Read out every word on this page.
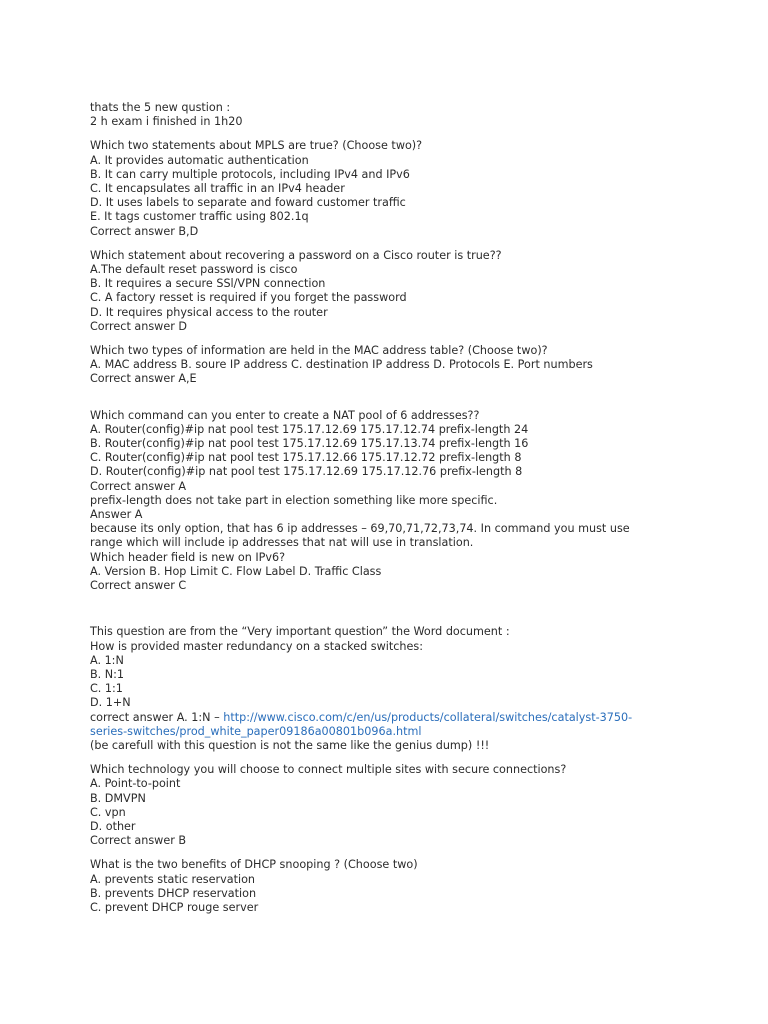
thats the 5 new qustion :
2 h exam i finished in 1h20
Which two statements about MPLS are true? (Choose two)?
A. It provides automatic authentication
B. It can carry multiple protocols, including IPv4 and IPv6
C. It encapsulates all traffic in an IPv4 header
D. It uses labels to separate and foward customer traffic
E. It tags customer traffic using 802.1q
Correct answer B,D
Which statement about recovering a password on a Cisco router is true??
A.The default reset password is cisco
B. It requires a secure SSl/VPN connection
C. A factory resset is required if you forget the password
D. It requires physical access to the router
Correct answer D
Which two types of information are held in the MAC address table? (Choose two)?
A. MAC address B. soure IP address C. destination IP address D. Protocols E. Port numbers
Correct answer A,E
Which command can you enter to create a NAT pool of 6 addresses??
A. Router(config)#ip nat pool test 175.17.12.69 175.17.12.74 prefix-length 24
B. Router(config)#ip nat pool test 175.17.12.69 175.17.13.74 prefix-length 16
C. Router(config)#ip nat pool test 175.17.12.66 175.17.12.72 prefix-length 8
D. Router(config)#ip nat pool test 175.17.12.69 175.17.12.76 prefix-length 8
Correct answer A
prefix-length does not take part in election something like more specific.
Answer A
because its only option, that has 6 ip addresses – 69,70,71,72,73,74. In command you must use
range which will include ip addresses that nat will use in translation.
Which header field is new on IPv6?
A. Version B. Hop Limit C. Flow Label D. Traffic Class
Correct answer C
This question are from the “Very important question” the Word document :
How is provided master redundancy on a stacked switches:
A. 1:N
B. N:1
C. 1:1
D. 1+N
correct answer A. 1:N – http://www.cisco.com/c/en/us/products/collateral/switches/catalyst-3750-
series-switches/prod_white_paper09186a00801b096a.html
(be carefull with this question is not the same like the genius dump) !!!
Which technology you will choose to connect multiple sites with secure connections?
A. Point-to-point
B. DMVPN
C. vpn
D. other
Correct answer B
What is the two benefits of DHCP snooping ? (Choose two)
A. prevents static reservation
B. prevents DHCP reservation
C. prevent DHCP rouge server
